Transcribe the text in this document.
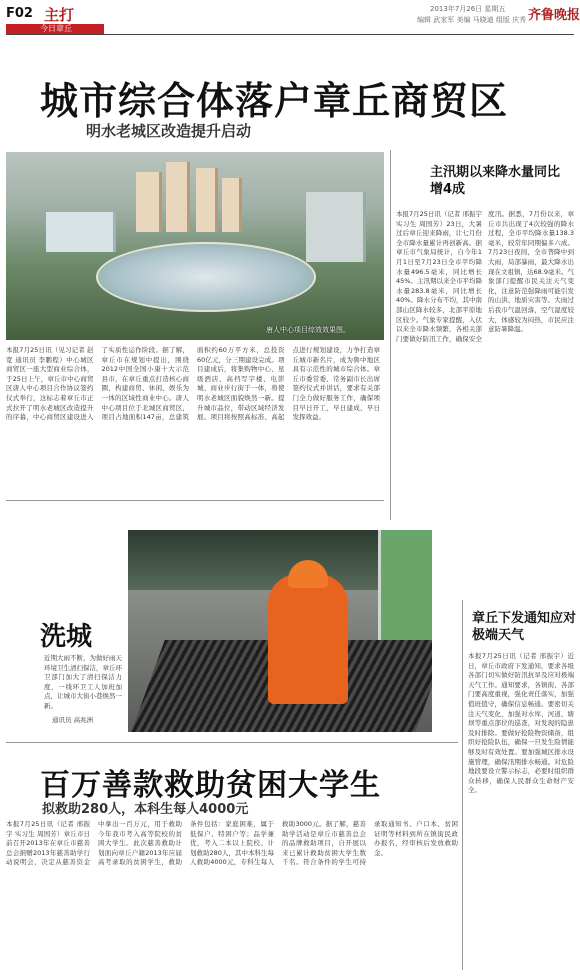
F02 主打	2013年7月26日 星期五
编辑 武家军 美编 马晓迪 组版 庆秀 齐鲁晚报
今日章丘
城市综合体落户章丘商贸区
明水老城区改造提升启动
唐人中心项目综效效果图。
本报7月25日讯（见习记者 赵宽 通讯员 李鹏程）中心城区商贸区一座大型商业综合体，于25日上午，章丘市中心商贸区唐人中心项目合作协议签约仪式举行，这标志着章丘市正式拉开了明水老城区改造提升的序幕，中心商贸区建设进入了实质性运作阶段。据了解，章丘市在规划中提出，围绕2012中国全国小康十大示范县市，在章丘重点打造核心商圈，构建商贸、休闲、娱乐为一体的区域性商业中心。唐人中心项目位于北城区商贸区，项目占地面积147亩，总建筑面积约60万平方米，总投资60亿元，分三期建设完成。项目建成后，将集购物中心、星级酒店、高档写字楼、电影城、商业步行街于一体，将使明水老城区面貌焕然一新。提升城市品位，带动区域经济发展。项目将按照高标准、高起点进行规划建设，力争打造章丘城市新名片，成为鲁中地区具有示范性的城市综合体。章丘市委常委、常务副市长出席签约仪式并讲话，要求有关部门全力做好服务工作，确保项目早日开工、早日建成、早日发挥效益。
主汛期以来降水量同比增4成
本报7月25日讯（记者 邢振宇 实习生 周国芳）23日，大暑过后章丘迎来降雨，让七月份全市降水量累计再创新高。据章丘市气象局统计，自今年1月1日至7月23日全市平均降水量496.5毫米，同比增长45%。主汛期以来全市平均降水量283.8毫米，同比增长40%。降水分布不均，其中南部山区降水较多，北部平原地区较少。气象专家提醒，入伏以来全市降水频繁，各相关部门要做好防汛工作，确保安全度汛。据悉，7月份以来，章丘市共出现了4次较强的降水过程，全市平均降水量138.3毫米，较常年同期偏多六成。7月23日夜间，全市普降中到大雨，局部暴雨，最大降水出现在文祖镇，达68.9毫米。气象部门提醒市民关注天气变化，注意防范强降雨可能引发的山洪、地质灾害等。大雨过后我市气温回落，空气湿度较大，体感较为闷热，市民应注意防暑降温。
洗城
近期大雨不断，为做好雨天环境卫生清扫保洁，章丘环卫部门加大了清扫保洁力度，一线环卫工人加班加点，让城市大街小巷焕然一新。
通讯员 高兆洲
章丘下发通知应对极端天气
本报7月25日讯（记者 邢振宇）近日，章丘市政府下发通知，要求各级各部门切实做好防汛抗旱及应对极端天气工作。通知要求，各镇街、各部门要高度重视，强化责任落实，加强值班值守，确保信息畅通。要密切关注天气变化，加强对水库、河道、塘坝等重点部位的巡查，对发现的隐患及时排除。要做好抢险物资储备，组织好抢险队伍，确保一旦发生险情能够及时有效处置。要加强城区排水设施管理，确保汛期排水畅通。对危险地段要设立警示标志，必要时组织群众转移，确保人民群众生命财产安全。
百万善款救助贫困大学生
拟救助280人，本科生每人4000元
本报7月25日讯（记者 邢振宇 实习生 周国芳）章丘市日前召开2013年在章丘市慈善总会捐赠2013年慈善助学行动说明会，决定从慈善资金中拿出一百万元，用于救助今年我市考入高等院校的贫困大学生。此次慈善救助计划面向章丘户籍2013年应届高考录取的贫困学生，救助条件包括：家庭困难，属于低保户、特困户等；品学兼优，考入二本以上院校。计划救助280人，其中本科生每人救助4000元，专科生每人救助3000元。据了解，慈善助学活动是章丘市慈善总会的品牌救助项目，自开展以来已累计救助贫困大学生数千名。符合条件的学生可持录取通知书、户口本、贫困证明等材料到所在镇街民政办报名，经审核后发放救助金。
